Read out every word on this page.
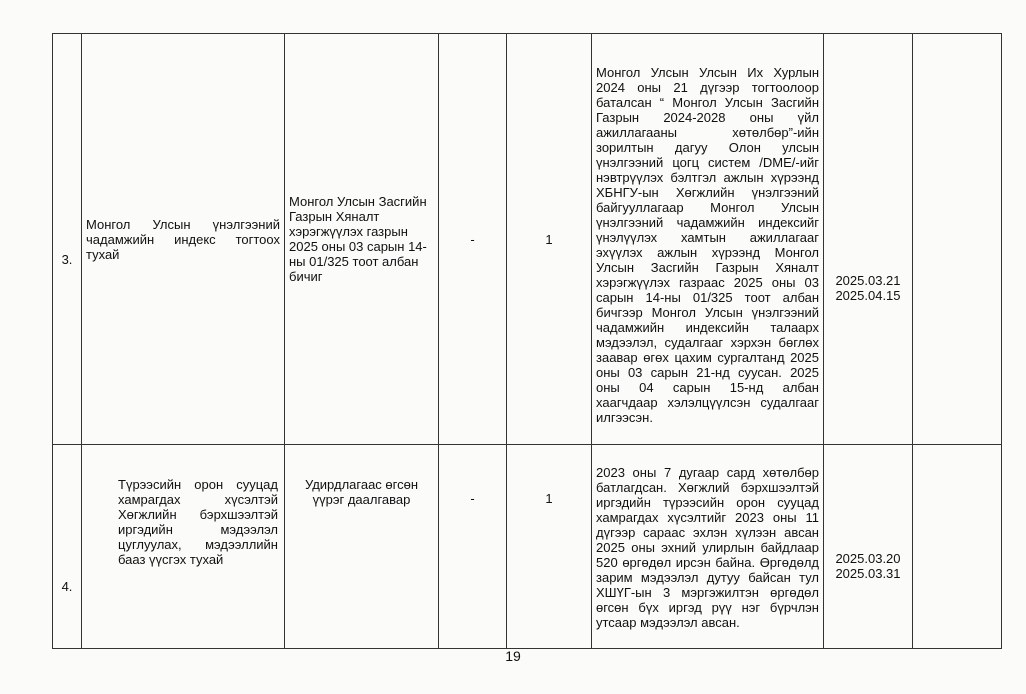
3.	Монгол Улсын үнэлгээний чадамжийн индекс тогтоох тухай	Монгол Улсын Засгийн Газрын Хяналт хэрэгжүүлэх газрын 2025 оны 03 сарын 14-ны 01/325 тоот албан бичиг	-	1	Монгол Улсын Улсын Их Хурлын 2024 оны 21 дүгээр тогтоолоор баталсан “ Монгол Улсын Засгийн Газрын 2024-2028 оны үйл ажиллагааны хөтөлбөр”-ийн зорилтын дагуу Олон улсын үнэлгээний цогц систем /DME/-ийг нэвтрүүлэх бэлтгэл ажлын хүрээнд ХБНГУ-ын Хөгжлийн үнэлгээний байгууллагаар Монгол Улсын үнэлгээний чадамжийн индексийг үнэлүүлэх хамтын ажиллагааг эхүүлэх ажлын хүрээнд Монгол Улсын Засгийн Газрын Хяналт хэрэгжүүлэх газраас 2025 оны 03 сарын 14-ны 01/325 тоот албан бичгээр Монгол Улсын үнэлгээний чадамжийн индексийн талаарх мэдээлэл, судалгааг хэрхэн бөглөх заавар өгөх цахим сургалтанд 2025 оны 03 сарын 21-нд суусан. 2025 оны 04 сарын 15-нд албан хаагчдаар хэлэлцүүлсэн судалгааг илгээсэн.	2025.03.21
2025.04.15	

4.	Түрээсийн орон сууцад хамрагдах хүсэлтэй Хөгжлийн бэрхшээлтэй иргэдийн мэдээлэл цуглуулах, мэдээллийн бааз үүсгэх тухай	Удирдлагаас өгсөн үүрэг даалгавар	-	1	2023 оны 7 дугаар сард хөтөлбөр батлагдсан. Хөгжлий бэрхшээлтэй иргэдийн түрээсийн орон сууцад хамрагдах хүсэлтийг 2023 оны 11 дүгээр сараас эхлэн хүлээн авсан 2025 оны эхний улирлын байдлаар 520 өргөдөл ирсэн байна. Өргөдөлд зарим мэдээлэл дутуу байсан тул ХШҮГ-ын 3 мэргэжилтэн өргөдөл өгсөн бүх иргэд рүү нэг бүрчлэн утсаар мэдээлэл авсан.	2025.03.20
2025.03.31	

19
